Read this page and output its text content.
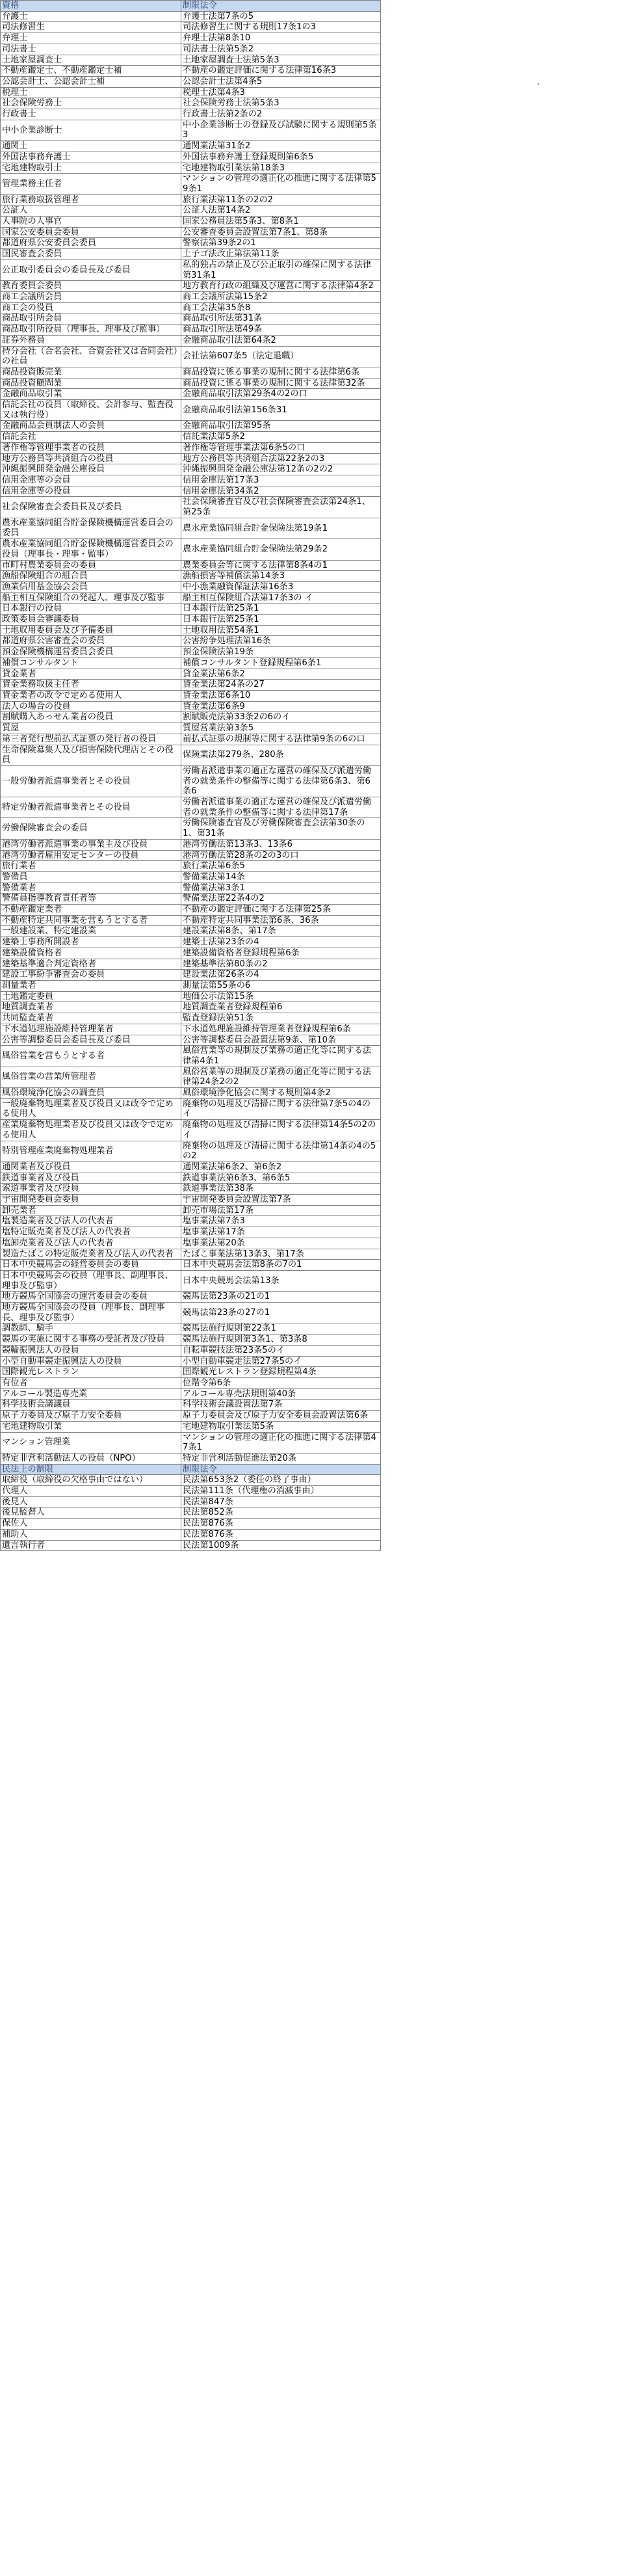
資格	制限法令
弁護士	弁護士法第7条の5
司法修習生	司法修習生に関する規則17条1の3
弁理士	弁理士法第8条10
司法書士	司法書士法第5条2
土地家屋調査士	土地家屋調査士法第5条3
不動産鑑定士、不動産鑑定士補	不動産の鑑定評価に関する法律第16条3
公認会計士、公認会計士補	公認会計士法第4条5
税理士	税理士法第4条3
社会保険労務士	社会保険労務士法第5条3
行政書士	行政書士法第2条の2
中小企業診断士	中小企業診断士の登録及び試験に関する規則第5条3
通関士	通関業法第31条2
外国法事務弁護士	外国法事務弁護士登録規則第6条5
宅地建物取引士	宅地建物取引業法第18条3
管理業務主任者	マンションの管理の適正化の推進に関する法律第59条1
旅行業務取扱管理者	旅行業法第11条の2の2
公証人	公証人法第14条2
人事院の人事官	国家公務員法第5条3、第8条1
国家公安委員会委員	公安審査委員会設置法第7条1、第8条
都道府県公安委員会委員	警察法第39条2の1
国民審査会委員	土子ゴ法改止第法第11条
公正取引委員会の委員長及び委員	私的独占の禁止及び公正取引の確保に関する法律第31条1
教育委員会委員	地方教育行政の組織及び運営に関する法律第4条2
商工会議所会員	商工会議所法第15条2
商工会の役員	商工会法第35条8
商品取引所会員	商品取引所法第31条
商品取引所役員（理事長、理事及び監事）	商品取引所法第49条
証券外務員	金融商品取引法第64条2
持分会社（合名会社、合資会社又は合同会社）の社員	会社法第607条5（法定退職）
商品投資販売業	商品投資に係る事業の規制に関する法律第6条
商品投資顧問業	商品投資に係る事業の規制に関する法律第32条
金融商品取引業	金融商品取引法第29条4の2の口
信託会社の役員（取締役、会計参与、監査役又は執行役）	金融商品取引法第156条31
金融商品会員制法人の会員	金融商品取引法第95条
信託会社	信託業法第5条2
著作権等管理事業者の役員	著作権等管理事業法第6条5の口
地方公務員等共済組合の役員	地方公務員等共済組合法第22条2の3
沖縄振興開発金融公庫役員	沖縄振興開発金融公庫法第12条の2の2
信用金庫等の会員	信用金庫法第17条3
信用金庫等の役員	信用金庫法第34条2
社会保険審査会委員長及び委員	社会保険審査官及び社会保険審査会法第24条1、第25条
農水産業協同組合貯金保険機構運営委員会の委員	農水産業協同組合貯金保険法第19条1
農水産業協同組合貯金保険機構運営委員会の役員（理事長・理事・監事）	農水産業協同組合貯金保険法第29条2
市町村農業委員会の委員	農業委員会等に関する法律第8条4の1
漁船保険組合の組合員	漁船損害等補償法第14条3
漁業信用基金協会会員	中小漁業融資保証法第16条3
船主相互保険組合の発起人、理事及び監事	船主相互保険組合法第17条3の イ
日本銀行の役員	日本銀行法第25条1
政策委員会審議委員	日本銀行法第25条1
土地収用委員会及び予備委員	土地収用法第54条1
都道府県公害審査会の委員	公害紛争処理法第16条
預金保険機構運営委員会委員	預金保険法第19条
補償コンサルタント	補償コンサルタント登録規程第6条1
貸金業者	貸金業法第6条2
貸金業務取扱主任者	貸金業法第24条の27
貸金業者の政令で定める使用人	貸金業法第6条10
法人の場合の役員	貸金業法第6条9
割賦購入あっせん業者の役員	割賦販売法第33条2の6のイ
質屋	質屋営業法第3条5
第三者発行型前払式証票の発行者の役員	前払式証票の規制等に関する法律第9条の6の口
生命保険募集人及び損害保険代理店とその役員	保険業法第279条、280条
一般労働者派遣事業者とその役員	労働者派遣事業の適正な運営の確保及び派遣労働者の就業条件の整備等に関する法律第6条3、第6条6
特定労働者派遣事業者とその役員	労働者派遣事業の適正な運営の確保及び派遣労働者の就業条件の整備等に関する法律第17条
労働保険審査会の委員	労働保険審査官及び労働保険審査会法第30条の1、第31条
港湾労働者派遣事業の事業主及び役員	港湾労働法第13条3、13条6
港湾労働者雇用安定センターの役員	港湾労働法第28条の2の3の口
旅行業者	旅行業法第6条5
警備員	警備業法第14条
警備業者	警備業法第3条1
警備員指導教育責任者等	警備業法第22条4の2
不動産鑑定業者	不動産の鑑定評価に関する法律第25条
不動産特定共同事業を営もうとする者	不動産特定共同事業法第6条、36条
一般建設業、特定建設業	建設業法第8条、第17条
建築士事務所開設者	建築士法第23条の4
建築設備資格者	建築設備資格者登録規程第6条
建築基準適合判定資格者	建築基準法第80条の2
建設工事紛争審査会の委員	建設業法第26条の4
測量業者	測量法第55条の6
土地鑑定委員	地価公示法第15条
地質調査業者	地質調査業者登録規程第6
共同監査業者	監査登録法第51条
下水道処理施設維持管理業者	下水道処理施設維持管理業者登録規程第6条
公害等調整委員会委員長及び委員	公害等調整委員会設置法第9条、第10条
風俗営業を営もうとする者	風俗営業等の規制及び業務の適正化等に関する法律第4条1
風俗営業の営業所管理者	風俗営業等の規制及び業務の適正化等に関する法律第24条2の2
風俗環境浄化協会の調査員	風俗環境浄化協会に関する規則第4条2
一般廃棄物処理業者及び役員又は政令で定める使用人	廃棄物の処理及び清掃に関する法律第7条5の4のイ
産業廃棄物処理業者及び役員又は政令で定める使用人	廃棄物の処理及び清掃に関する法律第14条5の2のイ
特別管理産業廃棄物処理業者	廃棄物の処理及び清掃に関する法律第14条の4の5の2
通関業者及び役員	通関業法第6条2、第6条2
鉄道事業者及び役員	鉄道事業法第6条3、第6条5
索道事業者及び役員	鉄道事業法第38条
宇宙開発委員会委員	宇宙開発委員会設置法第7条
卸売業者	卸売市場法第17条
塩製造業者及び法人の代表者	塩事業法第7条3
塩特定販売業者及び法人の代表者	塩事業法第17条
塩卸売業者及び法人の代表者	塩事業法第20条
製造たばこの特定販売業者及び法人の代表者	たばこ事業法第13条3、第17条
日本中央競馬会の経営委員会の委員	日本中央競馬会法第8条の7の1
日本中央競馬会の役員（理事長、副理事長、理事及び監事）	日本中央競馬会法第13条
地方競馬全国協会の運営委員会の委員	競馬法第23条の21の1
地方競馬全国協会の役員（理事長、副理事長、理事及び監事）	競馬法第23条の27の1
調教師、騎手	競馬法施行規則第22条1
競馬の実施に関する事務の受託者及び役員	競馬法施行規則第3条1、第3条8
競輪振興法人の役員	自転車競技法第23条5のイ
小型自動車競走振興法人の役員	小型自動車競走法第27条5のイ
国際観光レストラン	国際観光レストラン登録規程第4条
有位者	位階令第6条
アルコール製造専売業	アルコール専売法規則第40条
科学技術会議議員	科学技術会議設置法第7条
原子力委員及び原子力安全委員	原子力委員会及び原子力安全委員会設置法第6条
宅地建物取引業	宅地建物取引業法第5条
マンション管理業	マンションの管理の適正化の推進に関する法律第47条1
特定非営利活動法人の役員（NPO）	特定非営利活動促進法第20条
民法上の制限	制限法令
取締役（取締役の欠格事由ではない）	民法第653条2（委任の終了事由）
代理人	民法第111条（代理権の消滅事由）
後見人	民法第847条
後見監督人	民法第852条
保佐人	民法第876条
補助人	民法第876条
遺言執行者	民法第1009条
